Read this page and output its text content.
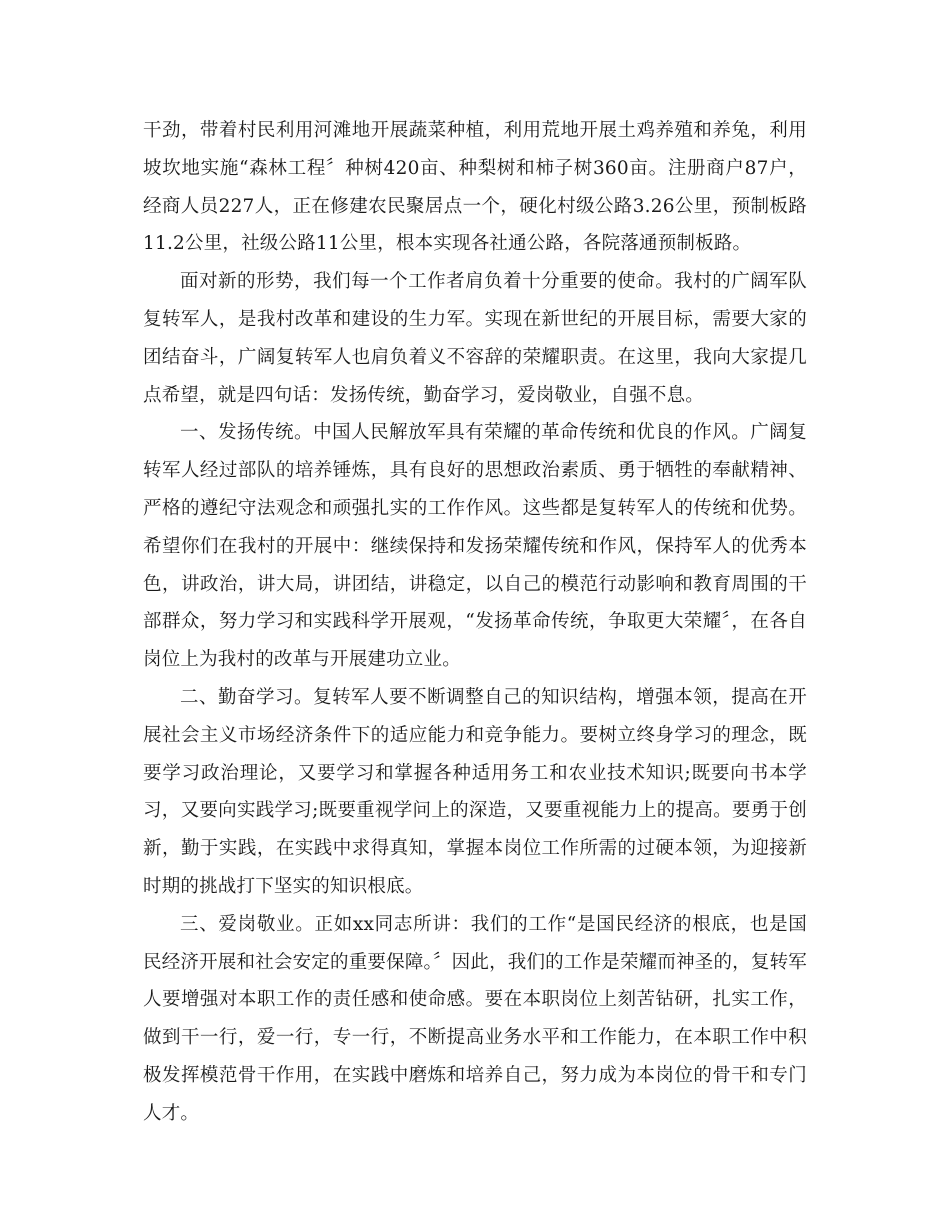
干劲，带着村民利用河滩地开展蔬菜种植，利用荒地开展土鸡养殖和养兔，利用坡坎地实施“森林工程〞种树420亩、种梨树和柿子树360亩。注册商户87户，经商人员227人，正在修建农民聚居点一个，硬化村级公路3.26公里，预制板路11.2公里，社级公路11公里，根本实现各社通公路，各院落通预制板路。

面对新的形势，我们每一个工作者肩负着十分重要的使命。我村的广阔军队复转军人，是我村改革和建设的生力军。实现在新世纪的开展目标，需要大家的团结奋斗，广阔复转军人也肩负着义不容辞的荣耀职责。在这里，我向大家提几点希望，就是四句话：发扬传统，勤奋学习，爱岗敬业，自强不息。

一、发扬传统。中国人民解放军具有荣耀的革命传统和优良的作风。广阔复转军人经过部队的培养锤炼，具有良好的思想政治素质、勇于牺牲的奉献精神、严格的遵纪守法观念和顽强扎实的工作作风。这些都是复转军人的传统和优势。希望你们在我村的开展中：继续保持和发扬荣耀传统和作风，保持军人的优秀本色，讲政治，讲大局，讲团结，讲稳定，以自己的模范行动影响和教育周围的干部群众，努力学习和实践科学开展观，“发扬革命传统，争取更大荣耀〞，在各自岗位上为我村的改革与开展建功立业。

二、勤奋学习。复转军人要不断调整自己的知识结构，增强本领，提高在开展社会主义市场经济条件下的适应能力和竞争能力。要树立终身学习的理念，既要学习政治理论，又要学习和掌握各种适用务工和农业技术知识;既要向书本学习，又要向实践学习;既要重视学问上的深造，又要重视能力上的提高。要勇于创新，勤于实践，在实践中求得真知，掌握本岗位工作所需的过硬本领，为迎接新时期的挑战打下坚实的知识根底。

三、爱岗敬业。正如xx同志所讲：我们的工作“是国民经济的根底，也是国民经济开展和社会安定的重要保障。〞因此，我们的工作是荣耀而神圣的，复转军人要增强对本职工作的责任感和使命感。要在本职岗位上刻苦钻研，扎实工作，做到干一行，爱一行，专一行，不断提高业务水平和工作能力，在本职工作中积极发挥模范骨干作用，在实践中磨炼和培养自己，努力成为本岗位的骨干和专门人才。
